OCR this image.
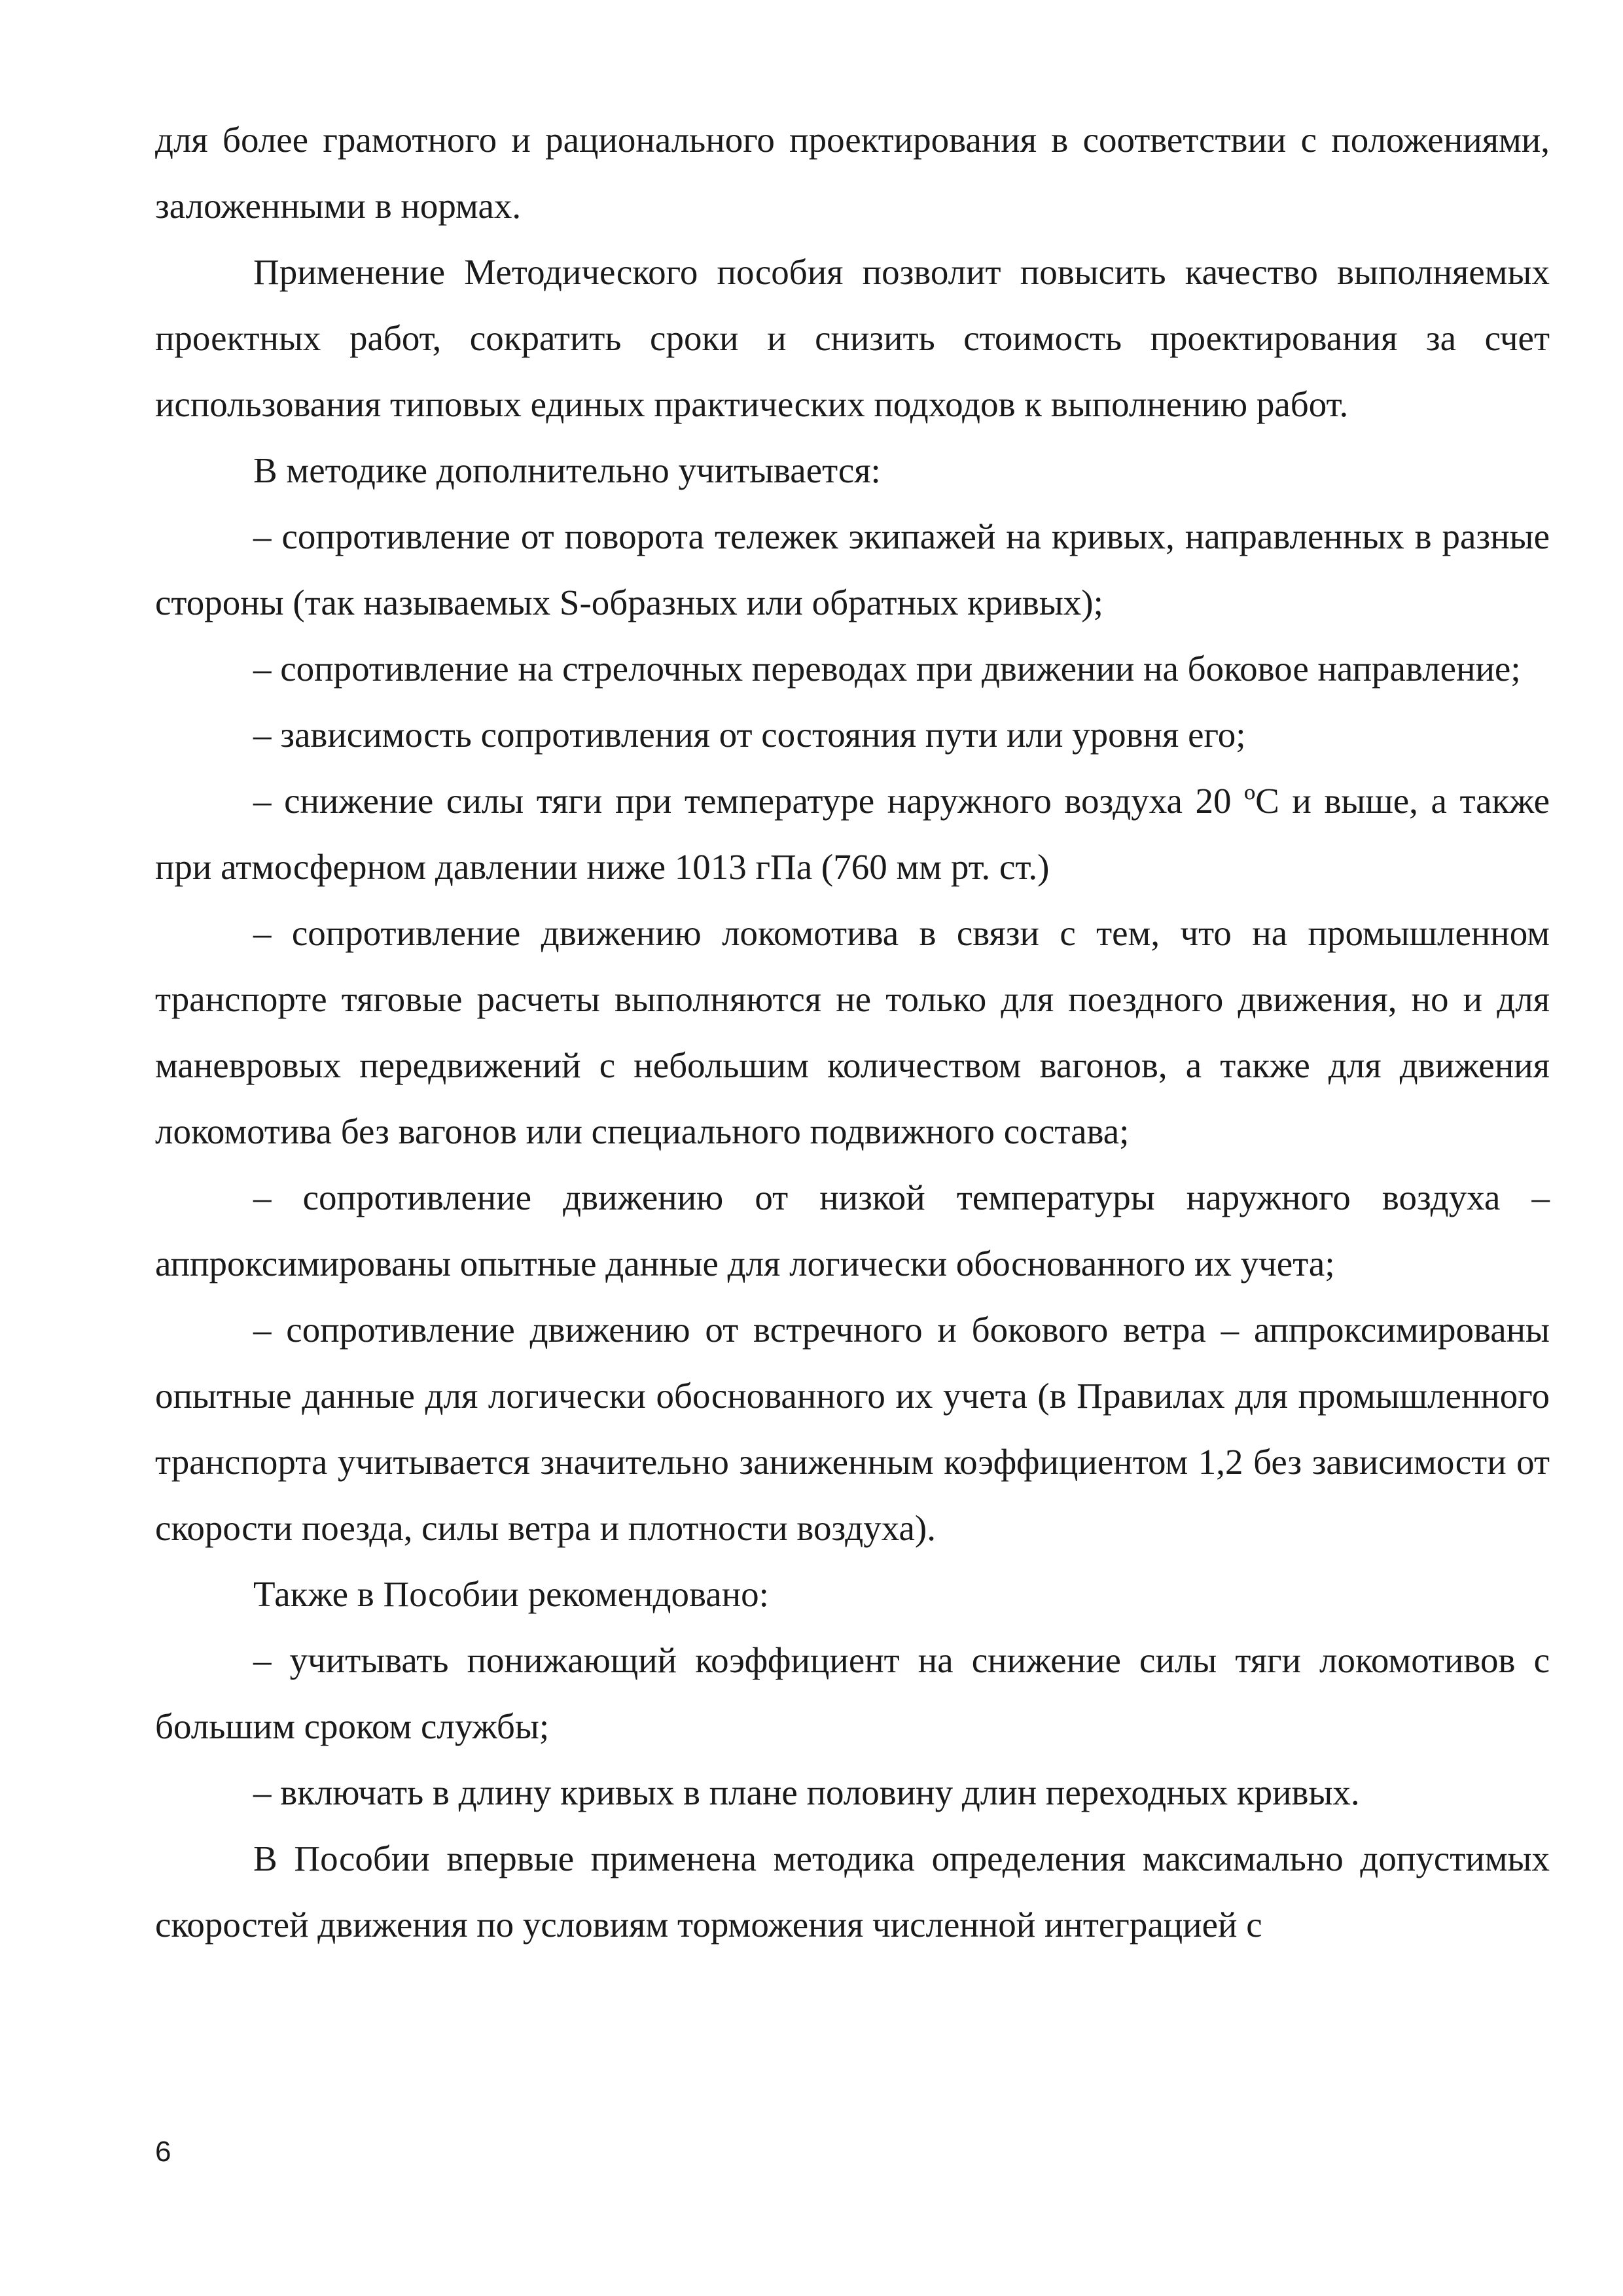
для более грамотного и рационального проектирования в соответствии с положениями, заложенными в нормах.

Применение Методического пособия позволит повысить качество выполняемых проектных работ, сократить сроки и снизить стоимость проектирования за счет использования типовых единых практических подходов к выполнению работ.

В методике дополнительно учитывается:

– сопротивление от поворота тележек экипажей на кривых, направленных в разные стороны (так называемых S-образных или обратных кривых);

– сопротивление на стрелочных переводах при движении на боковое направление;

– зависимость сопротивления от состояния пути или уровня его;

– снижение силы тяги при температуре наружного воздуха 20 ºС и выше, а также при атмосферном давлении ниже 1013 гПа (760 мм рт. ст.)

– сопротивление движению локомотива в связи с тем, что на промышленном транспорте тяговые расчеты выполняются не только для поездного движения, но и для маневровых передвижений с небольшим количеством вагонов, а также для движения локомотива без вагонов или специального подвижного состава;

– сопротивление движению от низкой температуры наружного воздуха – аппроксимированы опытные данные для логически обоснованного их учета;

– сопротивление движению от встречного и бокового ветра – аппроксимированы опытные данные для логически обоснованного их учета (в Правилах для промышленного транспорта учитывается значительно заниженным коэффициентом 1,2 без зависимости от скорости поезда, силы ветра и плотности воздуха).

Также в Пособии рекомендовано:

– учитывать понижающий коэффициент на снижение силы тяги локомотивов с большим сроком службы;

– включать в длину кривых в плане половину длин переходных кривых.

В Пособии впервые применена методика определения максимально допустимых скоростей движения по условиям торможения численной интеграцией с

6
